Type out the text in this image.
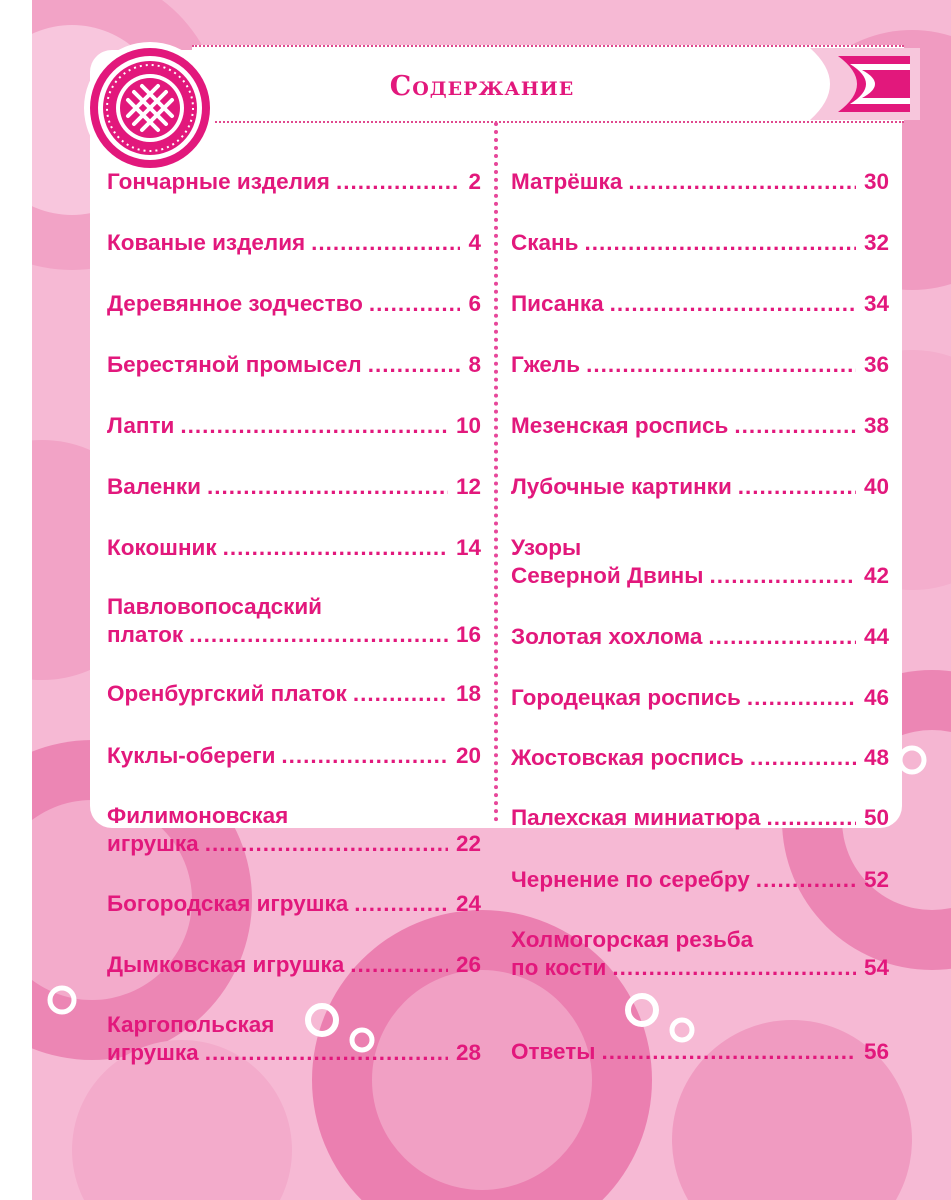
Содержание
Гончарные изделия .....	2
Кованые изделия .....	4
Деревянное зодчество .....	6
Берестяной промысел .....	8
Лапти .....	10
Валенки .....	12
Кокошник .....	14
Павловопосадский
платок .....	16
Оренбургский платок .....	18
Куклы-обереги .....	20
Филимоновская
игрушка .....	22
Богородская игрушка .....	24
Дымковская игрушка .....	26
Каргопольская
игрушка .....	28
Матрёшка .....	30
Скань .....	32
Писанка .....	34
Гжель .....	36
Мезенская роспись .....	38
Лубочные картинки .....	40
Узоры
Северной Двины .....	42
Золотая хохлома .....	44
Городецкая роспись .....	46
Жостовская роспись .....	48
Палехская миниатюра .....	50
Чернение по серебру .....	52
Холмогорская резьба
по кости .....	54
Ответы .....	56
